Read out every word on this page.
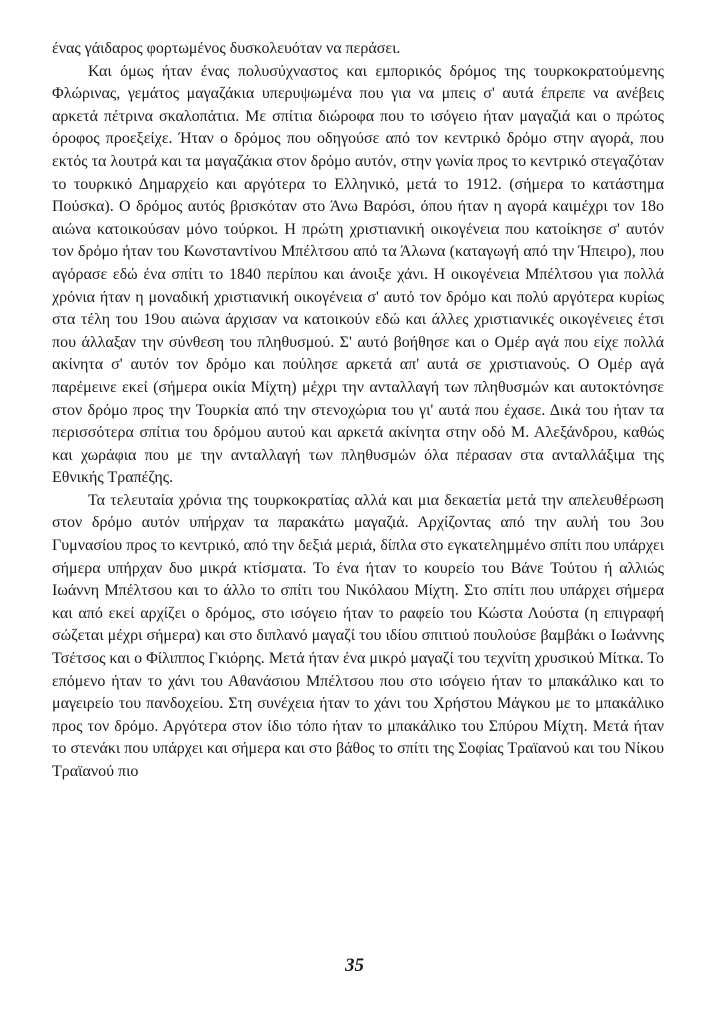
ένας γάιδαρος φορτωμένος δυσκολευόταν να περάσει.

Και όμως ήταν ένας πολυσύχναστος και εμπορικός δρόμος της τουρκοκρατούμενης Φλώρινας, γεμάτος μαγαζάκια υπερυψωμένα που για να μπεις σ' αυτά έπρεπε να ανέβεις αρκετά πέτρινα σκαλοπάτια. Με σπίτια διώροφα που το ισόγειο ήταν μαγαζιά και ο πρώτος όροφος προεξείχε. Ήταν ο δρόμος που οδηγούσε από τον κεντρικό δρόμο στην αγορά, που εκτός τα λουτρά και τα μαγαζάκια στον δρόμο αυτόν, στην γωνία προς το κεντρικό στεγαζόταν το τουρκικό Δημαρχείο και αργότερα το Ελληνικό, μετά το 1912. (σήμερα το κατάστημα Πούσκα). Ο δρόμος αυτός βρισκόταν στο Άνω Βαρόσι, όπου ήταν η αγορά καιμέχρι τον 18ο αιώνα κατοικούσαν μόνο τούρκοι. Η πρώτη χριστιανική οικογένεια που κατοίκησε σ' αυτόν τον δρόμο ήταν του Κωνσταντίνου Μπέλτσου από τα Άλωνα (καταγωγή από την Ήπειρο), που αγόρασε εδώ ένα σπίτι το 1840 περίπου και άνοιξε χάνι. Η οικογένεια Μπέλτσου για πολλά χρόνια ήταν η μοναδική χριστιανική οικογένεια σ' αυτό τον δρόμο και πολύ αργότερα κυρίως στα τέλη του 19ου αιώνα άρχισαν να κατοικούν εδώ και άλλες χριστιανικές οικογένειες έτσι που άλλαξαν την σύνθεση του πληθυσμού. Σ' αυτό βοήθησε και ο Ομέρ αγά που είχε πολλά ακίνητα σ' αυτόν τον δρόμο και πούλησε αρκετά απ' αυτά σε χριστιανούς. Ο Ομέρ αγά παρέμεινε εκεί (σήμερα οικία Μίχτη) μέχρι την ανταλλαγή των πληθυσμών και αυτοκτόνησε στον δρόμο προς την Τουρκία από την στενοχώρια του γι' αυτά που έχασε. Δικά του ήταν τα περισσότερα σπίτια του δρόμου αυτού και αρκετά ακίνητα στην οδό Μ. Αλεξάνδρου, καθώς και χωράφια που με την ανταλλαγή των πληθυσμών όλα πέρασαν στα ανταλλάξιμα της Εθνικής Τραπέζης.

Τα τελευταία χρόνια της τουρκοκρατίας αλλά και μια δεκαετία μετά την απελευθέρωση στον δρόμο αυτόν υπήρχαν τα παρακάτω μαγαζιά. Αρχίζοντας από την αυλή του 3ου Γυμνασίου προς το κεντρικό, από την δεξιά μεριά, δίπλα στο εγκατελημμένο σπίτι που υπάρχει σήμερα υπήρχαν δυο μικρά κτίσματα. Το ένα ήταν το κουρείο του Βάνε Τούτου ή αλλιώς Ιωάννη Μπέλτσου και το άλλο το σπίτι του Νικόλαου Μίχτη. Στο σπίτι που υπάρχει σήμερα και από εκεί αρχίζει ο δρόμος, στο ισόγειο ήταν το ραφείο του Κώστα Λούστα (η επιγραφή σώζεται μέχρι σήμερα) και στο διπλανό μαγαζί του ιδίου σπιτιού πουλούσε βαμβάκι ο Ιωάννης Τσέτσος και ο Φίλιππος Γκιόρης. Μετά ήταν ένα μικρό μαγαζί του τεχνίτη χρυσικού Μίτκα. Το επόμενο ήταν το χάνι του Αθανάσιου Μπέλτσου που στο ισόγειο ήταν το μπακάλικο και το μαγειρείο του πανδοχείου. Στη συνέχεια ήταν το χάνι του Χρήστου Μάγκου με το μπακάλικο προς τον δρόμο. Αργότερα στον ίδιο τόπο ήταν το μπακάλικο του Σπύρου Μίχτη. Μετά ήταν το στενάκι που υπάρχει και σήμερα και στο βάθος το σπίτι της Σοφίας Τραϊανού και του Νίκου Τραϊανού πιο

35
